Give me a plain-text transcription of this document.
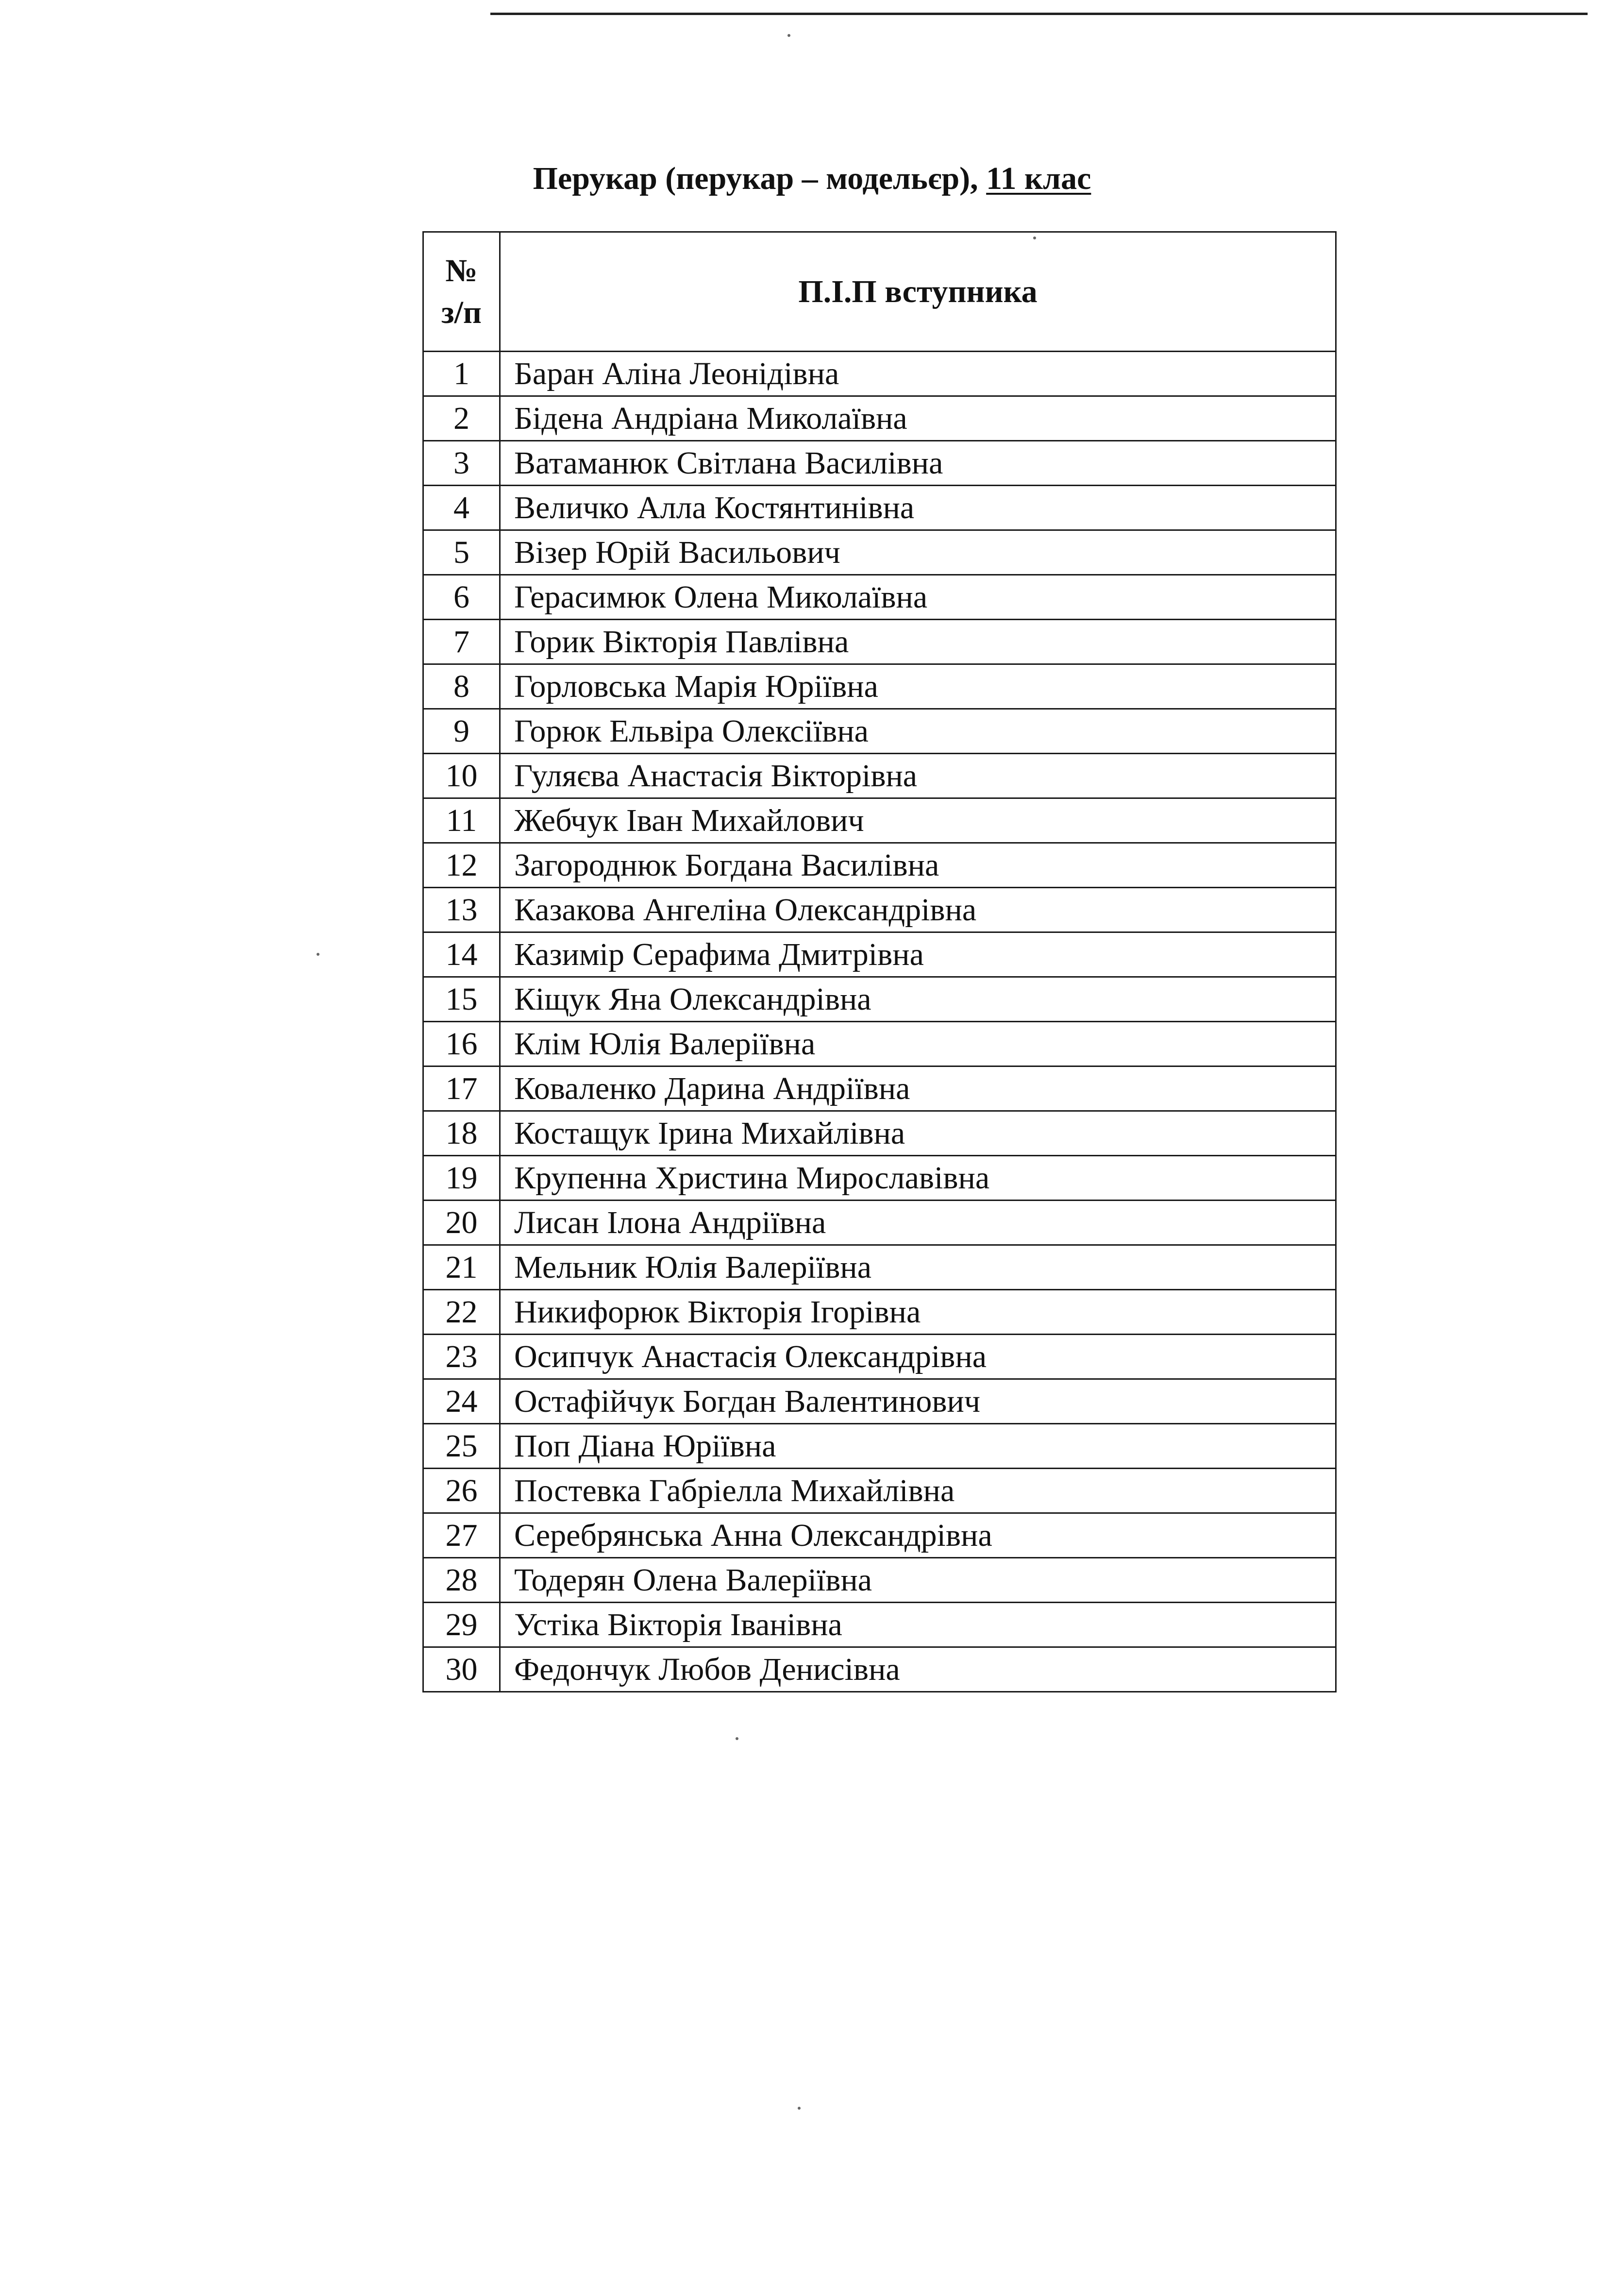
Перукар (перукар – модельєр), 11 клас
№
з/п	П.І.П вступника
1	Баран Аліна Леонідівна
2	Бідена Андріана Миколаївна
3	Ватаманюк Світлана Василівна
4	Величко Алла Костянтинівна
5	Візер Юрій Васильович
6	Герасимюк Олена Миколаївна
7	Горик Вікторія Павлівна
8	Горловська Марія Юріївна
9	Горюк Ельвіра Олексіївна
10	Гуляєва Анастасія Вікторівна
11	Жебчук Іван Михайлович
12	Загороднюк Богдана Василівна
13	Казакова Ангеліна Олександрівна
14	Казимір Серафима Дмитрівна
15	Кіщук Яна Олександрівна
16	Клім Юлія Валеріївна
17	Коваленко Дарина Андріївна
18	Костащук Ірина Михайлівна
19	Крупенна Христина Мирославівна
20	Лисан Ілона Андріївна
21	Мельник Юлія Валеріївна
22	Никифорюк Вікторія Ігорівна
23	Осипчук Анастасія Олександрівна
24	Остафійчук Богдан Валентинович
25	Поп Діана Юріївна
26	Постевка Габріелла Михайлівна
27	Серебрянська Анна Олександрівна
28	Тодерян Олена Валеріївна
29	Устіка Вікторія Іванівна
30	Федончук Любов Денисівна
